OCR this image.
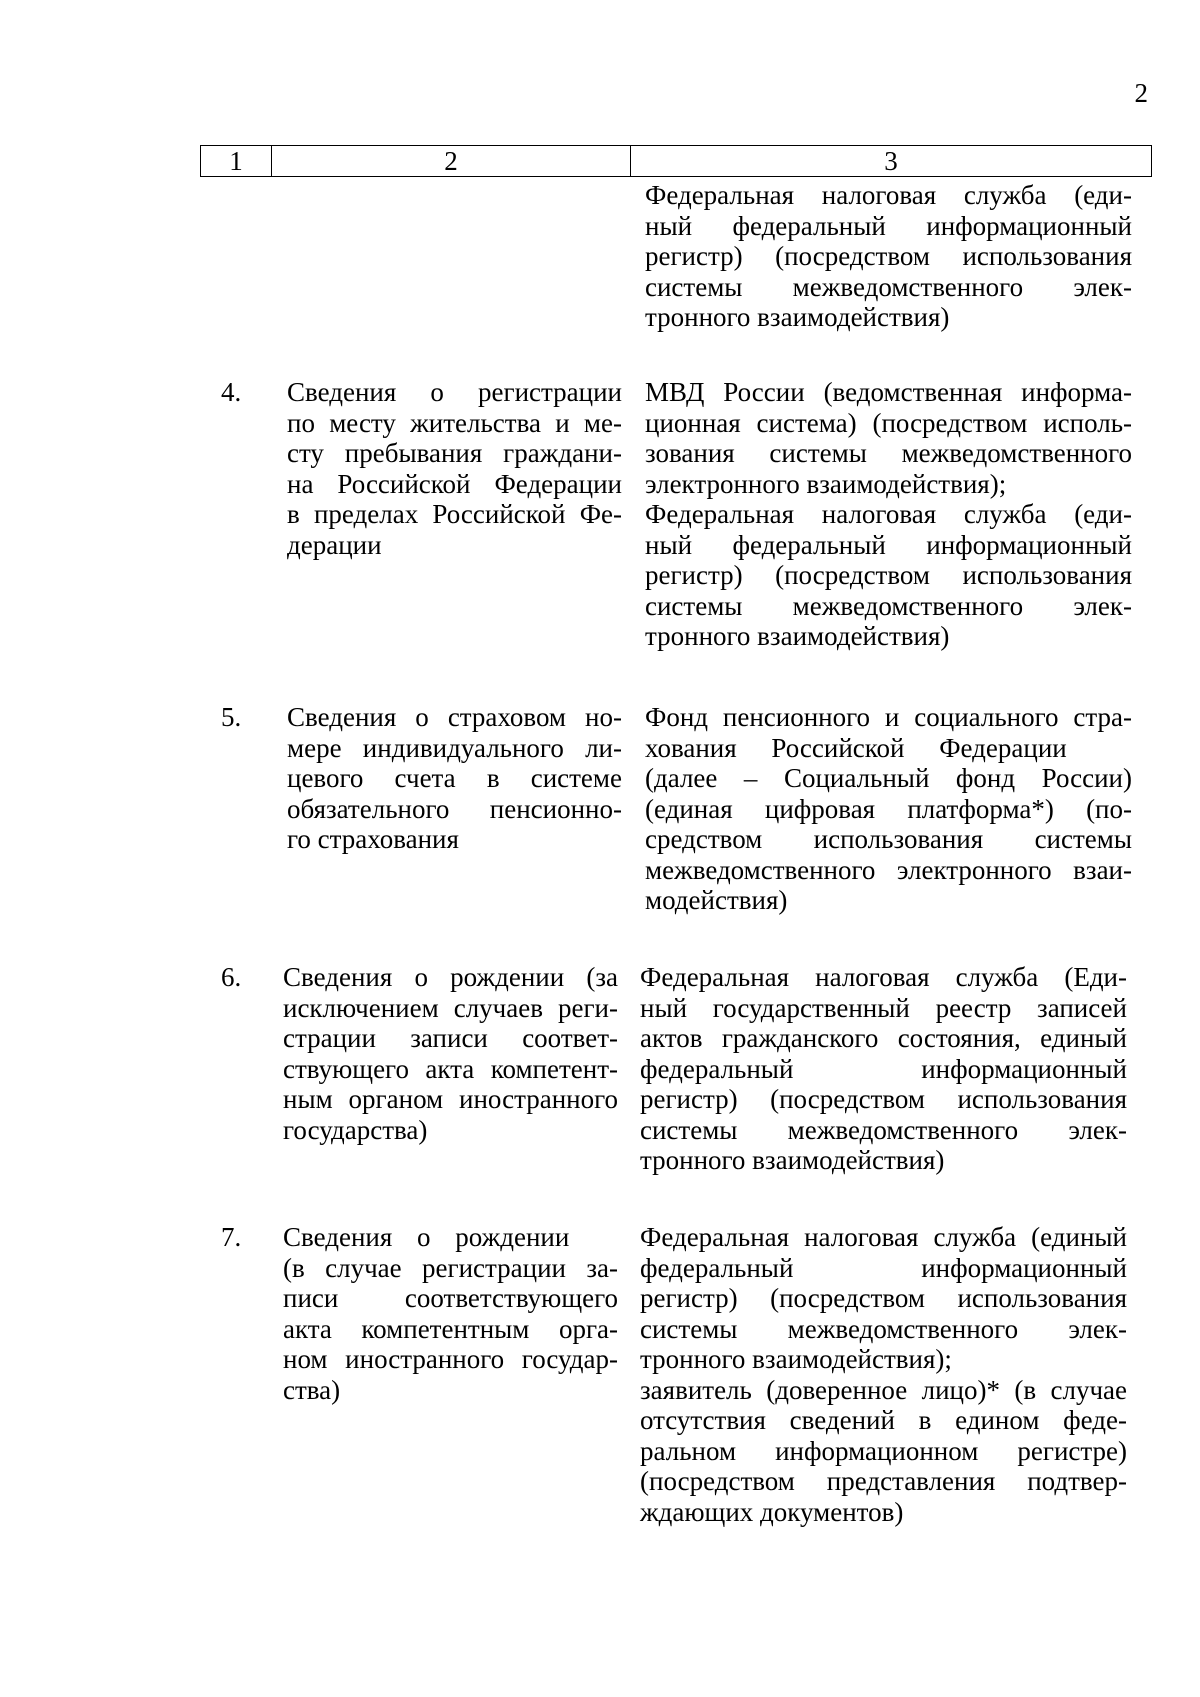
2
1	2	3
Федеральная налоговая служба (еди-
ный федеральный информационный
регистр) (посредством использования
системы межведомственного элек-
тронного взаимодействия)
4. Сведения о регистрации
по месту жительства и ме-
сту пребывания граждани-
на Российской Федерации
в пределах Российской Фе-
дерации
МВД России (ведомственная информа-
ционная система) (посредством исполь-
зования системы межведомственного
электронного взаимодействия);
Федеральная налоговая служба (еди-
ный федеральный информационный
регистр) (посредством использования
системы межведомственного элек-
тронного взаимодействия)
5. Сведения о страховом но-
мере индивидуального ли-
цевого счета в системе
обязательного пенсионно-
го страхования
Фонд пенсионного и социального стра-
хования Российской Федерации
(далее – Социальный фонд России)
(единая цифровая платформа*) (по-
средством использования системы
межведомственного электронного взаи-
модействия)
6. Сведения о рождении (за
исключением случаев реги-
страции записи соответ-
ствующего акта компетент-
ным органом иностранного
государства)
Федеральная налоговая служба (Еди-
ный государственный реестр записей
актов гражданского состояния, единый
федеральный информационный
регистр) (посредством использования
системы межведомственного элек-
тронного взаимодействия)
7. Сведения о рождении
(в случае регистрации за-
писи соответствующего
акта компетентным орга-
ном иностранного государ-
ства)
Федеральная налоговая служба (единый
федеральный информационный
регистр) (посредством использования
системы межведомственного элек-
тронного взаимодействия);
заявитель (доверенное лицо)* (в случае
отсутствия сведений в едином феде-
ральном информационном регистре)
(посредством представления подтвер-
ждающих документов)
